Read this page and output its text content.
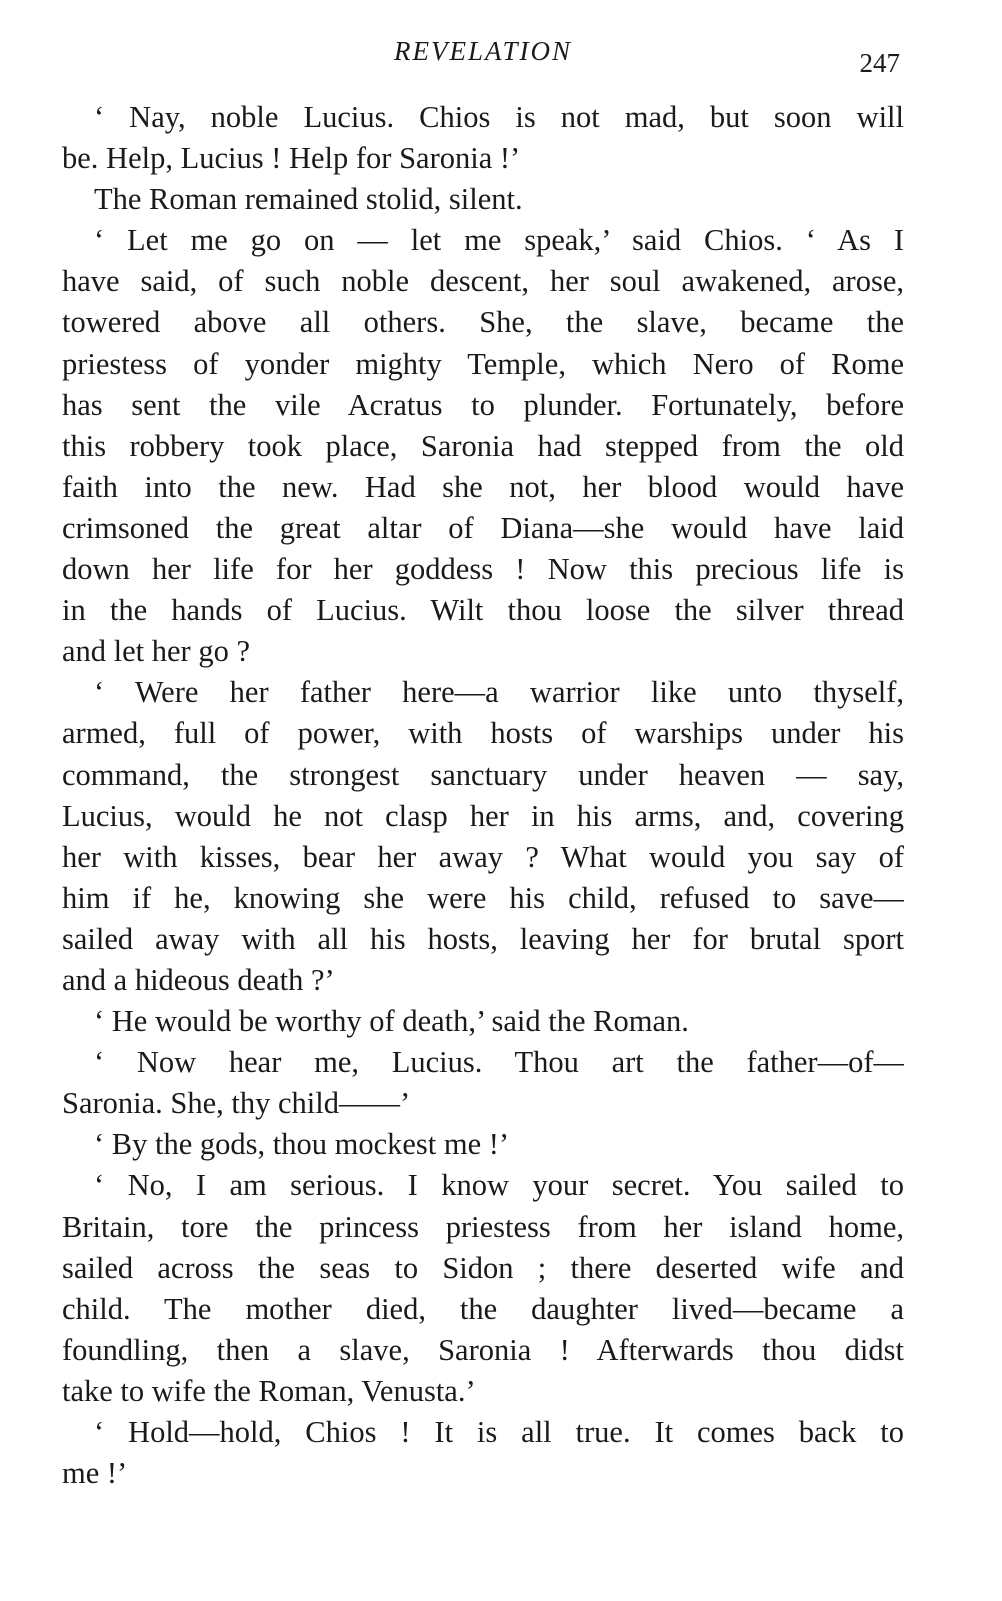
REVELATION	247
‘ Nay, noble Lucius. Chios is not mad, but soon will
be. Help, Lucius ! Help for Saronia !’
The Roman remained stolid, silent.
‘ Let me go on — let me speak,’ said Chios. ‘ As I
have said, of such noble descent, her soul awakened, arose,
towered above all others. She, the slave, became the
priestess of yonder mighty Temple, which Nero of Rome
has sent the vile Acratus to plunder. Fortunately, before
this robbery took place, Saronia had stepped from the old
faith into the new. Had she not, her blood would have
crimsoned the great altar of Diana—she would have laid
down her life for her goddess ! Now this precious life is
in the hands of Lucius. Wilt thou loose the silver thread
and let her go ?
‘ Were her father here—a warrior like unto thyself,
armed, full of power, with hosts of warships under his
command, the strongest sanctuary under heaven — say,
Lucius, would he not clasp her in his arms, and, covering
her with kisses, bear her away ? What would you say of
him if he, knowing she were his child, refused to save—
sailed away with all his hosts, leaving her for brutal sport
and a hideous death ?’
‘ He would be worthy of death,’ said the Roman.
‘ Now hear me, Lucius. Thou art the father—of—
Saronia. She, thy child——’
‘ By the gods, thou mockest me !’
‘ No, I am serious. I know your secret. You sailed to
Britain, tore the princess priestess from her island home,
sailed across the seas to Sidon ; there deserted wife and
child. The mother died, the daughter lived—became a
foundling, then a slave, Saronia ! Afterwards thou didst
take to wife the Roman, Venusta.’
‘ Hold—hold, Chios ! It is all true. It comes back to
me !’
